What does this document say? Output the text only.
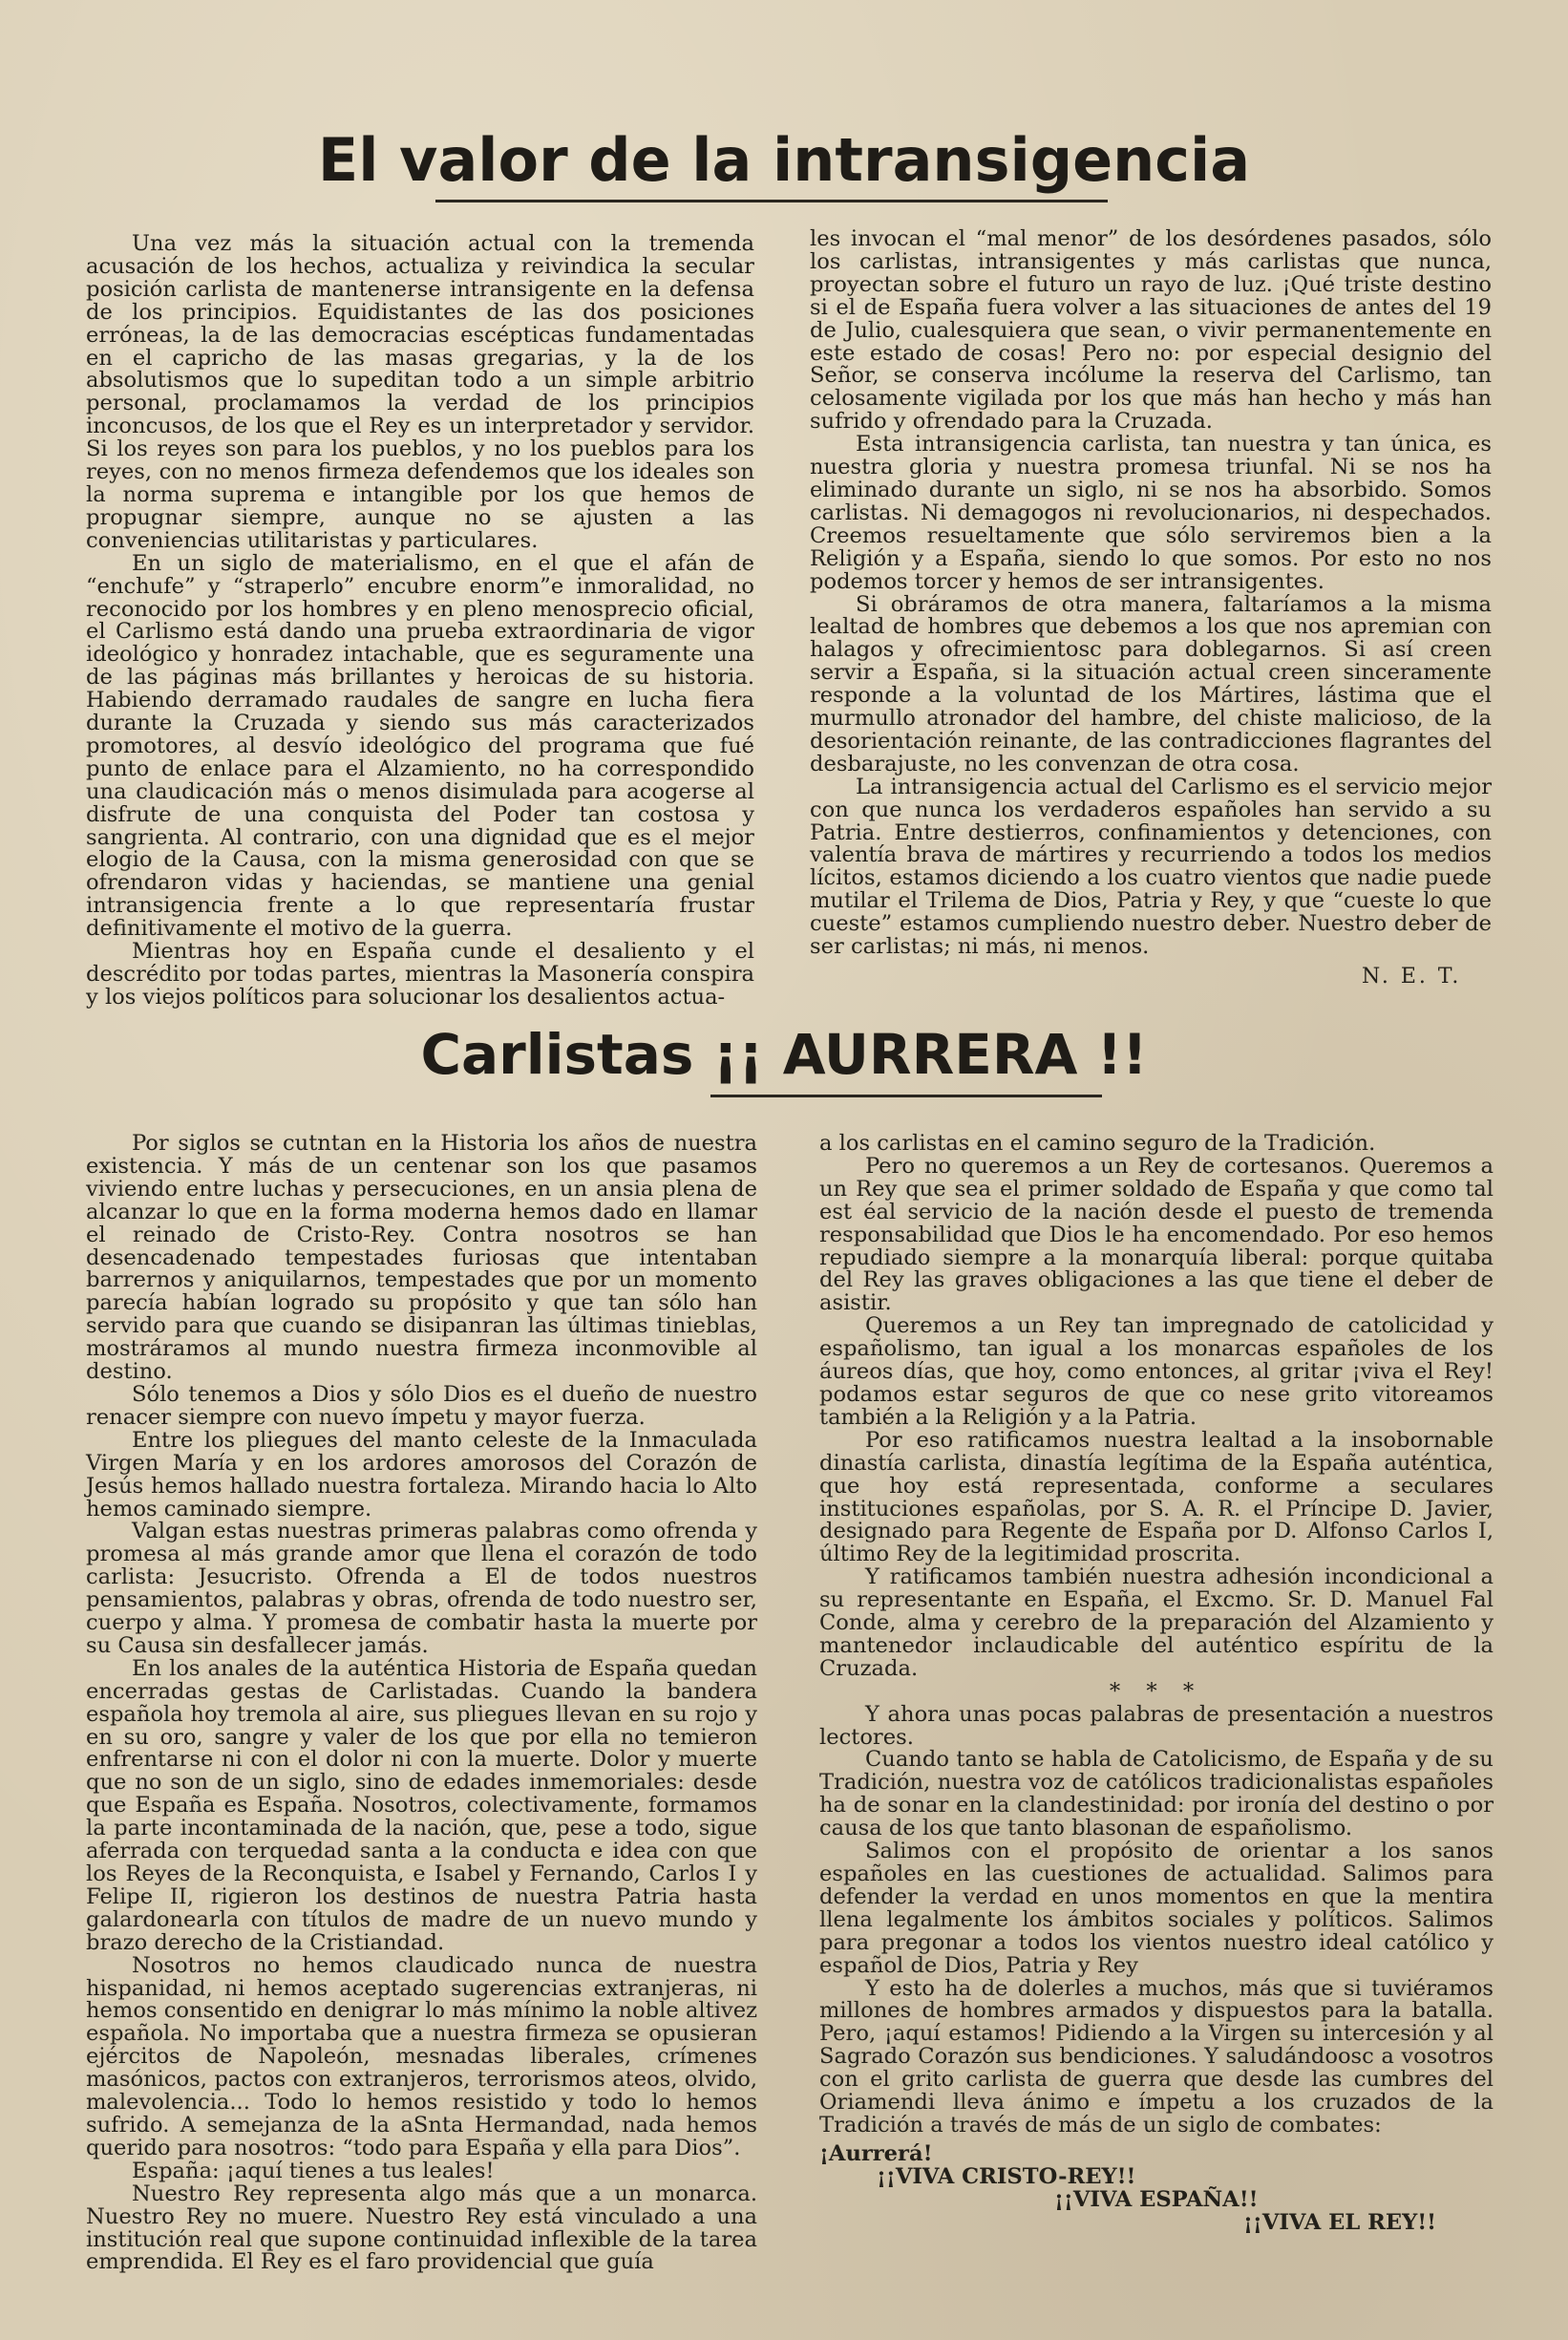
El valor de la intransigencia

Una vez más la situación actual con la tremenda acusación de los hechos, actualiza y reivindica la secular posición carlista de mantenerse intransigente en la defensa de los principios. Equidistantes de las dos posiciones erróneas, la de las democracias escépticas fundamentadas en el capricho de las masas gregarias, y la de los absolutismos que lo supeditan todo a un simple arbitrio personal, proclamamos la verdad de los principios inconcusos, de los que el Rey es un interpretador y servidor. Si los reyes son para los pueblos, y no los pueblos para los reyes, con no menos firmeza defendemos que los ideales son la norma suprema e intangible por los que hemos de propugnar siempre, aunque no se ajusten a las conveniencias utilitaristas y particulares.

En un siglo de materialismo, en el que el afán de “enchufe” y “straperlo” encubre enorm”e inmoralidad, no reconocido por los hombres y en pleno menosprecio oficial, el Carlismo está dando una prueba extraordinaria de vigor ideológico y honradez intachable, que es seguramente una de las páginas más brillantes y heroicas de su historia. Habiendo derramado raudales de sangre en lucha fiera durante la Cruzada y siendo sus más caracterizados promotores, al desvío ideológico del programa que fué punto de enlace para el Alzamiento, no ha correspondido una claudicación más o menos disimulada para acogerse al disfrute de una conquista del Poder tan costosa y sangrienta. Al contrario, con una dignidad que es el mejor elogio de la Causa, con la misma generosidad con que se ofrendaron vidas y haciendas, se mantiene una genial intransigencia frente a lo que representaría frustar definitivamente el motivo de la guerra.

Mientras hoy en España cunde el desaliento y el descrédito por todas partes, mientras la Masonería conspira y los viejos políticos para solucionar los desalientos actua-

les invocan el “mal menor” de los desórdenes pasados, sólo los carlistas, intransigentes y más carlistas que nunca, proyectan sobre el futuro un rayo de luz. ¡Qué triste destino si el de España fuera volver a las situaciones de antes del 19 de Julio, cualesquiera que sean, o vivir permanentemente en este estado de cosas! Pero no: por especial designio del Señor, se conserva incólume la reserva del Carlismo, tan celosamente vigilada por los que más han hecho y más han sufrido y ofrendado para la Cruzada.

Esta intransigencia carlista, tan nuestra y tan única, es nuestra gloria y nuestra promesa triunfal. Ni se nos ha eliminado durante un siglo, ni se nos ha absorbido. Somos carlistas. Ni demagogos ni revolucionarios, ni despechados. Creemos resueltamente que sólo serviremos bien a la Religión y a España, siendo lo que somos. Por esto no nos podemos torcer y hemos de ser intransigentes.

Si obráramos de otra manera, faltaríamos a la misma lealtad de hombres que debemos a los que nos apremian con halagos y ofrecimientosc para doblegarnos. Si así creen servir a España, si la situación actual creen sinceramente responde a la voluntad de los Mártires, lástima que el murmullo atronador del hambre, del chiste malicioso, de la desorientación reinante, de las contradicciones flagrantes del desbarajuste, no les convenzan de otra cosa.

La intransigencia actual del Carlismo es el servicio mejor con que nunca los verdaderos españoles han servido a su Patria. Entre destierros, confinamientos y detenciones, con valentía brava de mártires y recurriendo a todos los medios lícitos, estamos diciendo a los cuatro vientos que nadie puede mutilar el Trilema de Dios, Patria y Rey, y que “cueste lo que cueste” estamos cumpliendo nuestro deber. Nuestro deber de ser carlistas; ni más, ni menos.

N. E. T.

Carlistas ¡¡ AURRERA !!

Por siglos se cutntan en la Historia los años de nuestra existencia. Y más de un centenar son los que pasamos viviendo entre luchas y persecuciones, en un ansia plena de alcanzar lo que en la forma moderna hemos dado en llamar el reinado de Cristo-Rey. Contra nosotros se han desencadenado tempestades furiosas que intentaban barrernos y aniquilarnos, tempestades que por un momento parecía habían logrado su propósito y que tan sólo han servido para que cuando se disipanran las últimas tinieblas, mostráramos al mundo nuestra firmeza inconmovible al destino.

Sólo tenemos a Dios y sólo Dios es el dueño de nuestro renacer siempre con nuevo ímpetu y mayor fuerza.

Entre los pliegues del manto celeste de la Inmaculada Virgen María y en los ardores amorosos del Corazón de Jesús hemos hallado nuestra fortaleza. Mirando hacia lo Alto hemos caminado siempre.

Valgan estas nuestras primeras palabras como ofrenda y promesa al más grande amor que llena el corazón de todo carlista: Jesucristo. Ofrenda a El de todos nuestros pensamientos, palabras y obras, ofrenda de todo nuestro ser, cuerpo y alma. Y promesa de combatir hasta la muerte por su Causa sin desfallecer jamás.

En los anales de la auténtica Historia de España quedan encerradas gestas de Carlistadas. Cuando la bandera española hoy tremola al aire, sus pliegues llevan en su rojo y en su oro, sangre y valer de los que por ella no temieron enfrentarse ni con el dolor ni con la muerte. Dolor y muerte que no son de un siglo, sino de edades inmemoriales: desde que España es España. Nosotros, colectivamente, formamos la parte incontaminada de la nación, que, pese a todo, sigue aferrada con terquedad santa a la conducta e idea con que los Reyes de la Reconquista, e Isabel y Fernando, Carlos I y Felipe II, rigieron los destinos de nuestra Patria hasta galardonearla con títulos de madre de un nuevo mundo y brazo derecho de la Cristiandad.

Nosotros no hemos claudicado nunca de nuestra hispanidad, ni hemos aceptado sugerencias extranjeras, ni hemos consentido en denigrar lo más mínimo la noble altivez española. No importaba que a nuestra firmeza se opusieran ejércitos de Napoleón, mesnadas liberales, crímenes masónicos, pactos con extranjeros, terrorismos ateos, olvido, malevolencia... Todo lo hemos resistido y todo lo hemos sufrido. A semejanza de la aSnta Hermandad, nada hemos querido para nosotros: “todo para España y ella para Dios”.

España: ¡aquí tienes a tus leales!

Nuestro Rey representa algo más que a un monarca. Nuestro Rey no muere. Nuestro Rey está vinculado a una institución real que supone continuidad inflexible de la tarea emprendida. El Rey es el faro providencial que guía

a los carlistas en el camino seguro de la Tradición.

Pero no queremos a un Rey de cortesanos. Queremos a un Rey que sea el primer soldado de España y que como tal est éal servicio de la nación desde el puesto de tremenda responsabilidad que Dios le ha encomendado. Por eso hemos repudiado siempre a la monarquía liberal: porque quitaba del Rey las graves obligaciones a las que tiene el deber de asistir.

Queremos a un Rey tan impregnado de catolicidad y españolismo, tan igual a los monarcas españoles de los áureos días, que hoy, como entonces, al gritar ¡viva el Rey! podamos estar seguros de que co nese grito vitoreamos también a la Religión y a la Patria.

Por eso ratificamos nuestra lealtad a la insobornable dinastía carlista, dinastía legítima de la España auténtica, que hoy está representada, conforme a seculares instituciones españolas, por S. A. R. el Príncipe D. Javier, designado para Regente de España por D. Alfonso Carlos I, último Rey de la legitimidad proscrita.

Y ratificamos también nuestra adhesión incondicional a su representante en España, el Excmo. Sr. D. Manuel Fal Conde, alma y cerebro de la preparación del Alzamiento y mantenedor inclaudicable del auténtico espíritu de la Cruzada.

* * *

Y ahora unas pocas palabras de presentación a nuestros lectores.

Cuando tanto se habla de Catolicismo, de España y de su Tradición, nuestra voz de católicos tradicionalistas españoles ha de sonar en la clandestinidad: por ironía del destino o por causa de los que tanto blasonan de españolismo.

Salimos con el propósito de orientar a los sanos españoles en las cuestiones de actualidad. Salimos para defender la verdad en unos momentos en que la mentira llena legalmente los ámbitos sociales y políticos. Salimos para pregonar a todos los vientos nuestro ideal católico y español de Dios, Patria y Rey

Y esto ha de dolerles a muchos, más que si tuviéramos millones de hombres armados y dispuestos para la batalla. Pero, ¡aquí estamos! Pidiendo a la Virgen su intercesión y al Sagrado Corazón sus bendiciones. Y saludándoosc a vosotros con el grito carlista de guerra que desde las cumbres del Oriamendi lleva ánimo e ímpetu a los cruzados de la Tradición a través de más de un siglo de combates:

¡Aurrerá!

¡¡VIVA CRISTO-REY!!

¡¡VIVA ESPAÑA!!

¡¡VIVA EL REY!!
